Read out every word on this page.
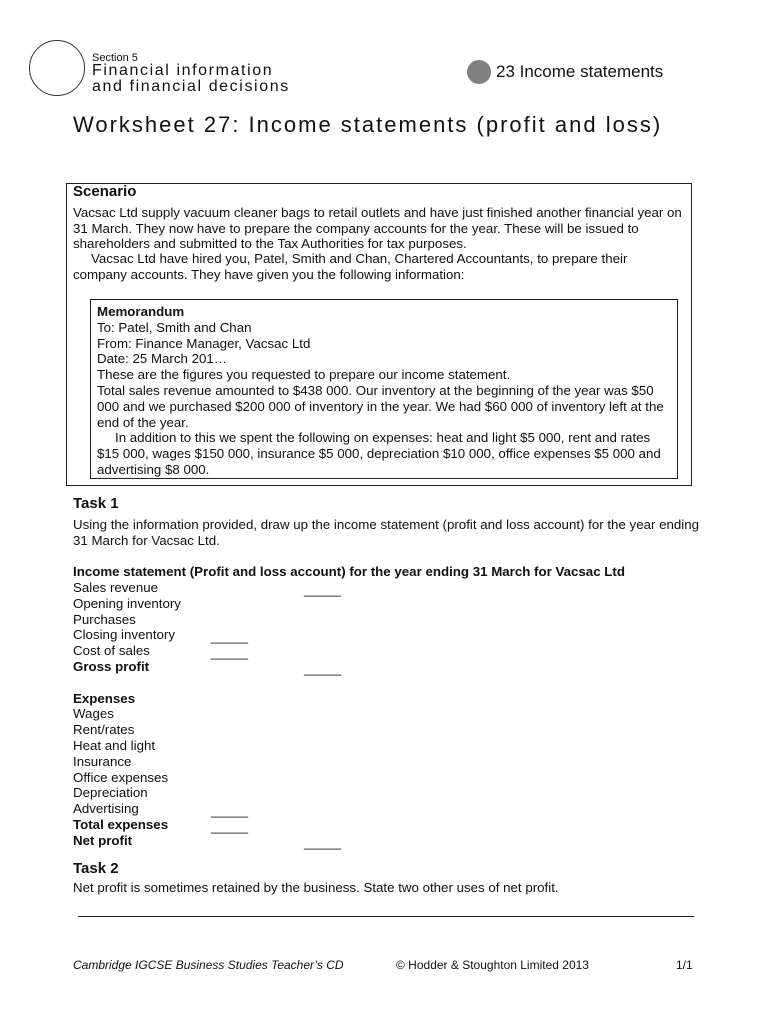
Section 5
Financial information
and financial decisions
23 Income statements
Worksheet 27: Income statements (profit and loss)
Scenario
Vacsac Ltd supply vacuum cleaner bags to retail outlets and have just finished another financial year on 31 March. They now have to prepare the company accounts for the year. These will be issued to shareholders and submitted to the Tax Authorities for tax purposes.
Vacsac Ltd have hired you, Patel, Smith and Chan, Chartered Accountants, to prepare their company accounts. They have given you the following information:
Memorandum
To: Patel, Smith and Chan
From: Finance Manager, Vacsac Ltd
Date: 25 March 201…
These are the figures you requested to prepare our income statement.
Total sales revenue amounted to $438 000. Our inventory at the beginning of the year was $50 000 and we purchased $200 000 of inventory in the year. We had $60 000 of inventory left at the end of the year.
In addition to this we spent the following on expenses: heat and light $5 000, rent and rates $15 000, wages $150 000, insurance $5 000, depreciation $10 000, office expenses $5 000 and advertising $8 000.
Task 1
Using the information provided, draw up the income statement (profit and loss account) for the year ending 31 March for Vacsac Ltd.
Income statement (Profit and loss account) for the year ending 31 March for Vacsac Ltd
Sales revenue
Opening inventory
Purchases
Closing inventory
Cost of sales
Gross profit
Expenses
Wages
Rent/rates
Heat and light
Insurance
Office expenses
Depreciation
Advertising
Total expenses
Net profit
_____
_____
_____
_____
_____
_____
_____
Task 2
Net profit is sometimes retained by the business. State two other uses of net profit.
Cambridge IGCSE Business Studies Teacher’s CD	© Hodder & Stoughton Limited 2013	1/1
